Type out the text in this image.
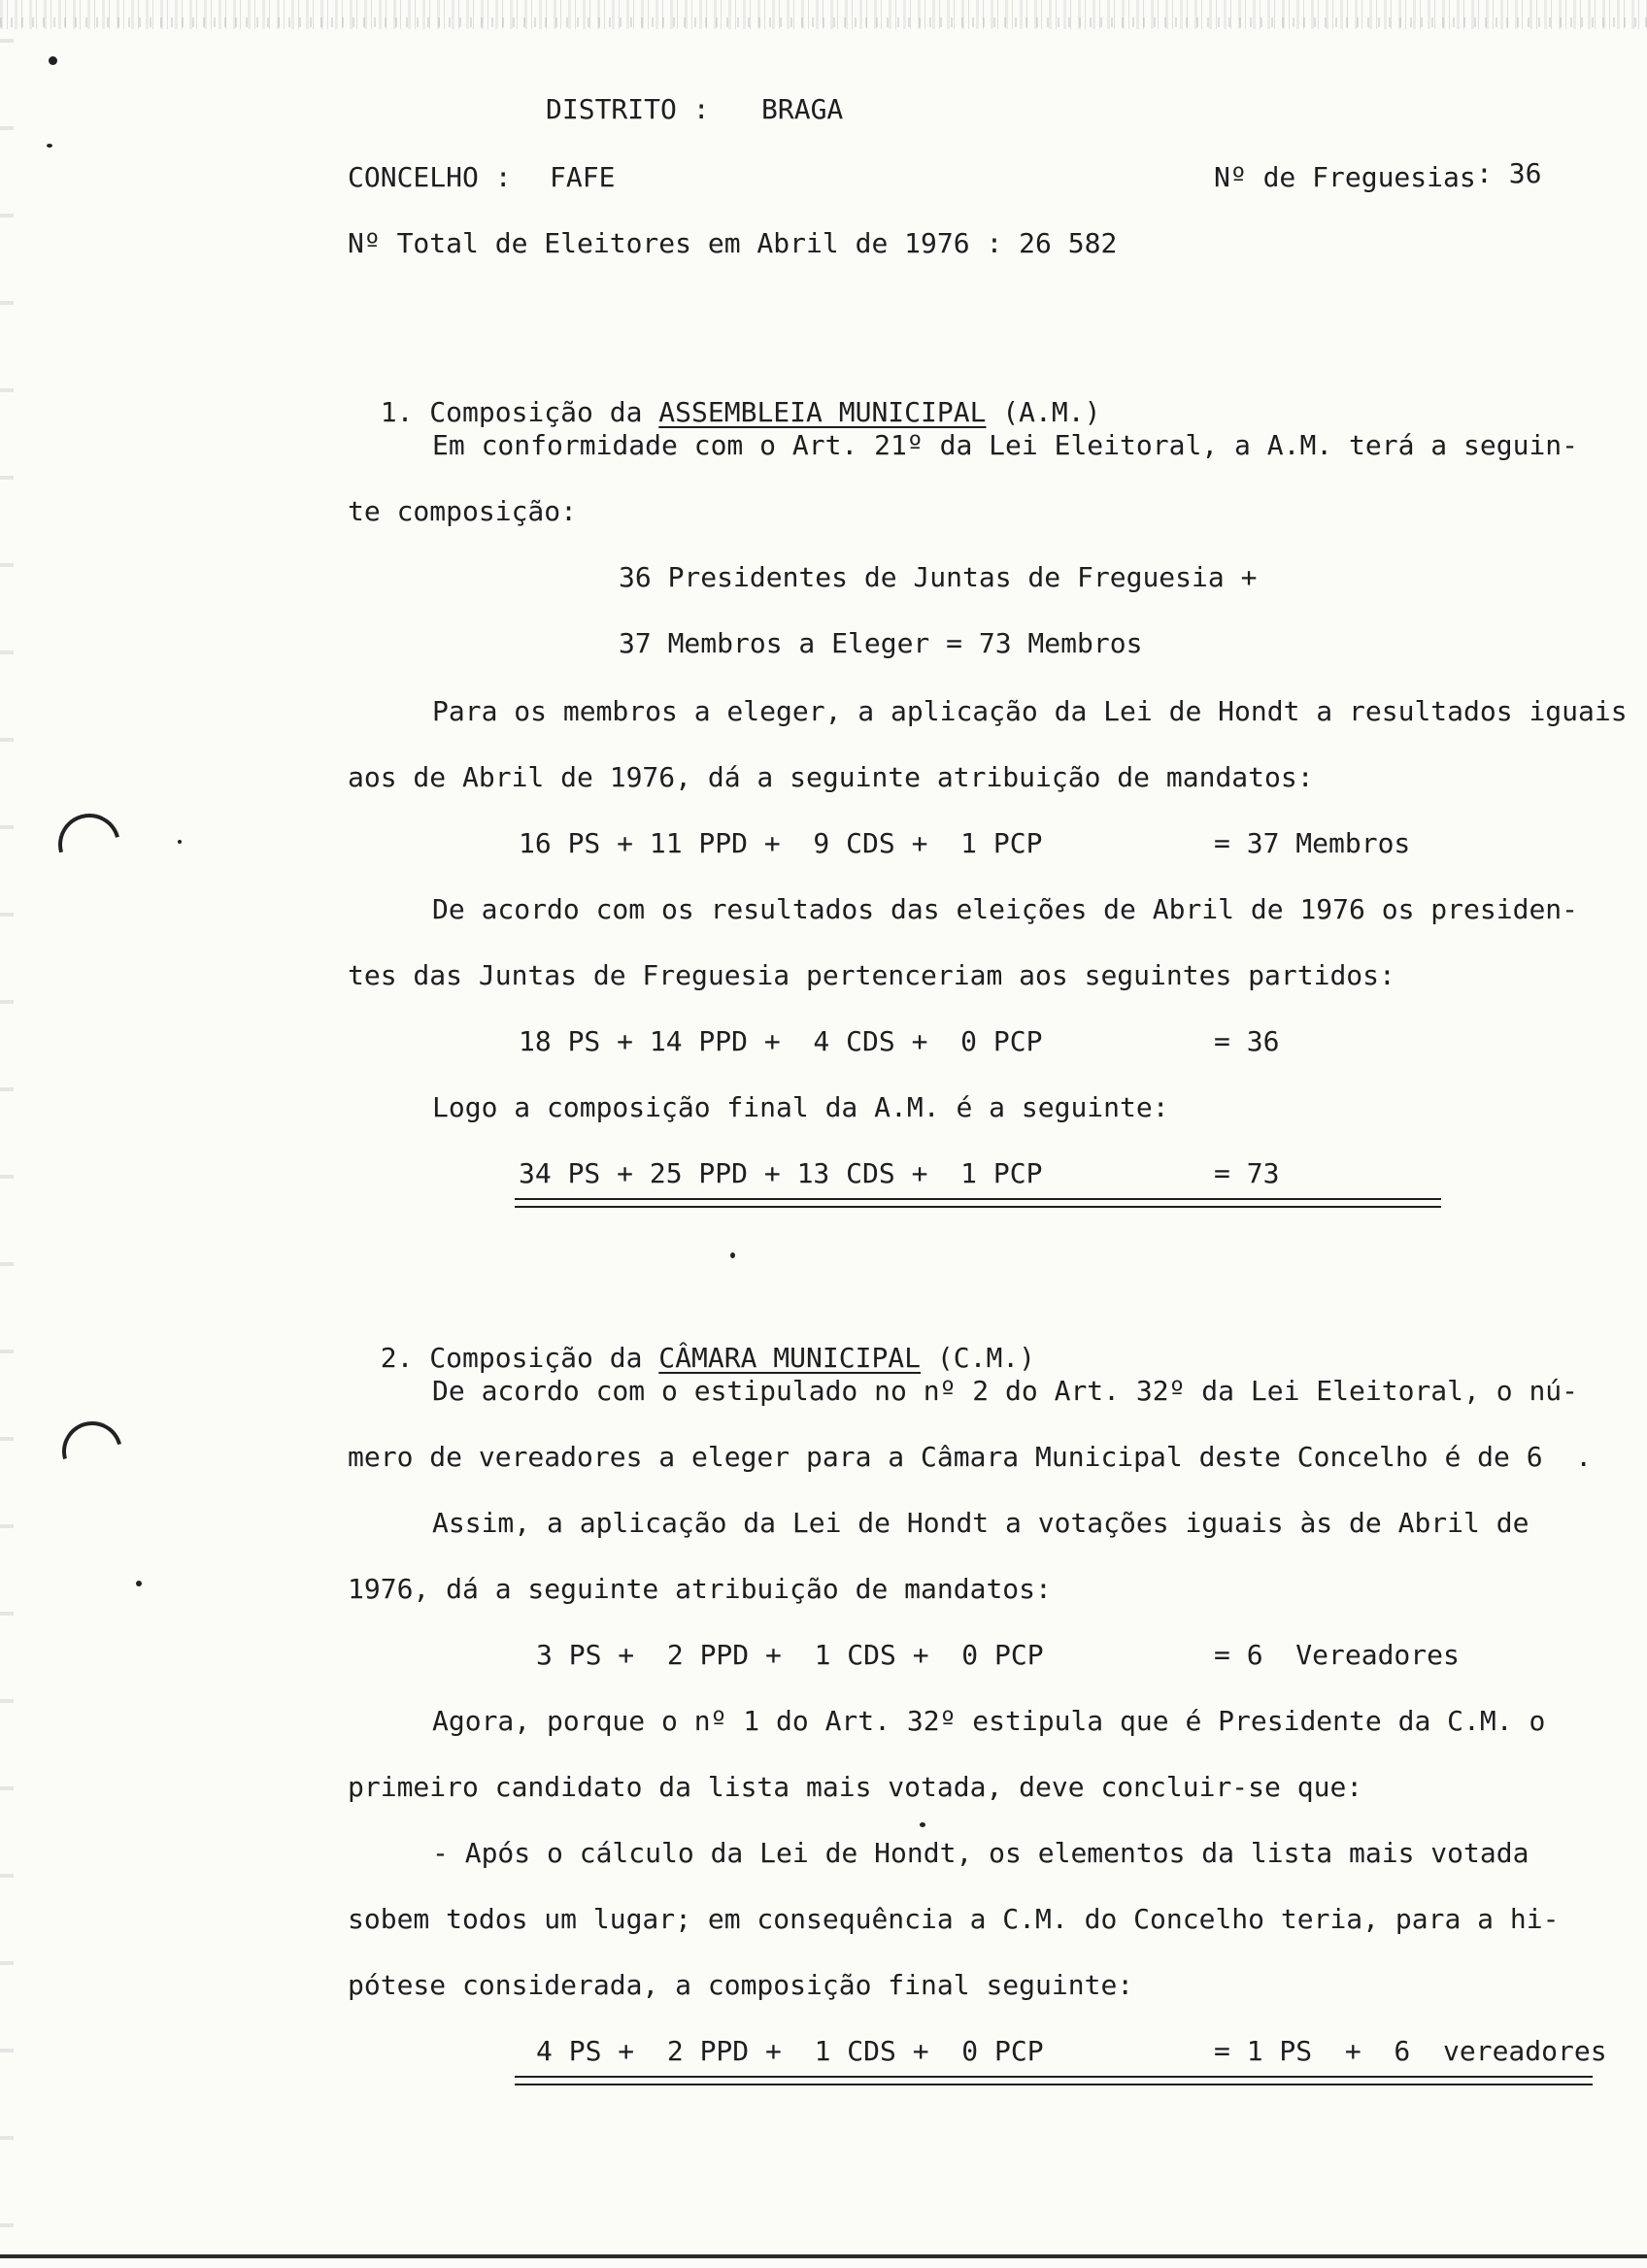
DISTRITO : BRAGA
CONCELHO : FAFE	Nº de Freguesias : 36
Nº Total de Eleitores em Abril de 1976 : 26 582

1. Composição da ASSEMBLEIA MUNICIPAL (A.M.)

Em conformidade com o Art. 21º da Lei Eleitoral, a A.M. terá a seguin-
te composição:
36 Presidentes de Juntas de Freguesia +
37 Membros a Eleger = 73 Membros
Para os membros a eleger, a aplicação da Lei de Hondt a resultados iguais
aos de Abril de 1976, dá a seguinte atribuição de mandatos:
16 PS + 11 PPD +  9 CDS +  1 PCP	= 37 Membros
De acordo com os resultados das eleições de Abril de 1976 os presiden-
tes das Juntas de Freguesia pertenceriam aos seguintes partidos:
18 PS + 14 PPD +  4 CDS +  0 PCP	= 36
Logo a composição final da A.M. é a seguinte:
34 PS + 25 PPD + 13 CDS +  1 PCP	= 73

2. Composição da CÂMARA MUNICIPAL (C.M.)

De acordo com o estipulado no nº 2 do Art. 32º da Lei Eleitoral, o nú-
mero de vereadores a eleger para a Câmara Municipal deste Concelho é de 6  .
Assim, a aplicação da Lei de Hondt a votações iguais às de Abril de
1976, dá a seguinte atribuição de mandatos:
3 PS +  2 PPD +  1 CDS +  0 PCP	= 6  Vereadores
Agora, porque o nº 1 do Art. 32º estipula que é Presidente da C.M. o
primeiro candidato da lista mais votada, deve concluir-se que:
- Após o cálculo da Lei de Hondt, os elementos da lista mais votada
sobem todos um lugar; em consequência a C.M. do Concelho teria, para a hi-
pótese considerada, a composição final seguinte:
4 PS +  2 PPD +  1 CDS +  0 PCP	= 1 PS  +  6  vereadores
